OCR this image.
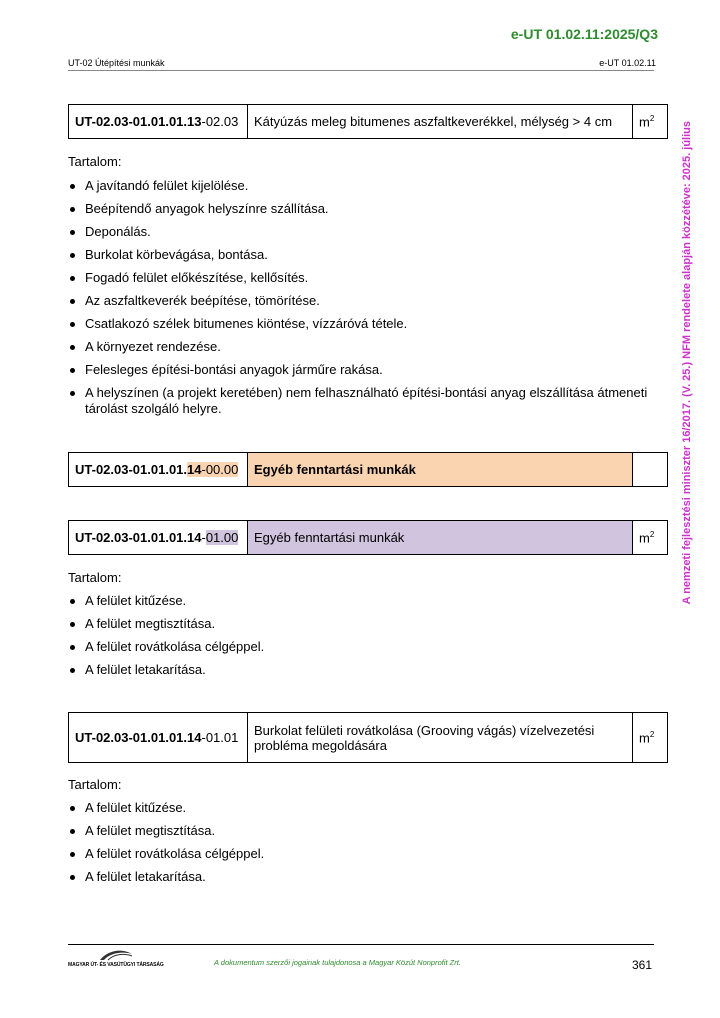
e-UT 01.02.11:2025/Q3
UT-02 Útépítési munkák	e-UT 01.02.11
A nemzeti fejlesztési miniszter 16/2017. (V. 25.) NFM rendelete alapján közzétéve: 2025. július
UT-02.03-01.01.01.13-02.03	Kátyúzás meleg bitumenes aszfaltkeverékkel, mélység > 4 cm	$m^2$
Tartalom:
A javítandó felület kijelölése.
Beépítendő anyagok helyszínre szállítása.
Deponálás.
Burkolat körbevágása, bontása.
Fogadó felület előkészítése, kellősítés.
Az aszfaltkeverék beépítése, tömörítése.
Csatlakozó szélek bitumenes kiöntése, vízzáróvá tétele.
A környezet rendezése.
Felesleges építési-bontási anyagok járműre rakása.
A helyszínen (a projekt keretében) nem felhasználható építési-bontási anyag elszállítása átmeneti tárolást szolgáló helyre.
UT-02.03-01.01.01.14-00.00	Egyéb fenntartási munkák	
UT-02.03-01.01.01.14-01.00	Egyéb fenntartási munkák	$m^2$
Tartalom:
A felület kitűzése.
A felület megtisztítása.
A felület rovátkolása célgéppel.
A felület letakarítása.
UT-02.03-01.01.01.14-01.01	Burkolat felületi rovátkolása (Grooving vágás) vízelvezetési probléma megoldására	$m^2$
Tartalom:
A felület kitűzése.
A felület megtisztítása.
A felület rovátkolása célgéppel.
A felület letakarítása.
MAGYAR ÚT- ÉS VASÚTÜGYI TÁRSASÁG	A dokumentum szerzői jogainak tulajdonosa a Magyar Közút Nonprofit Zrt.	361
